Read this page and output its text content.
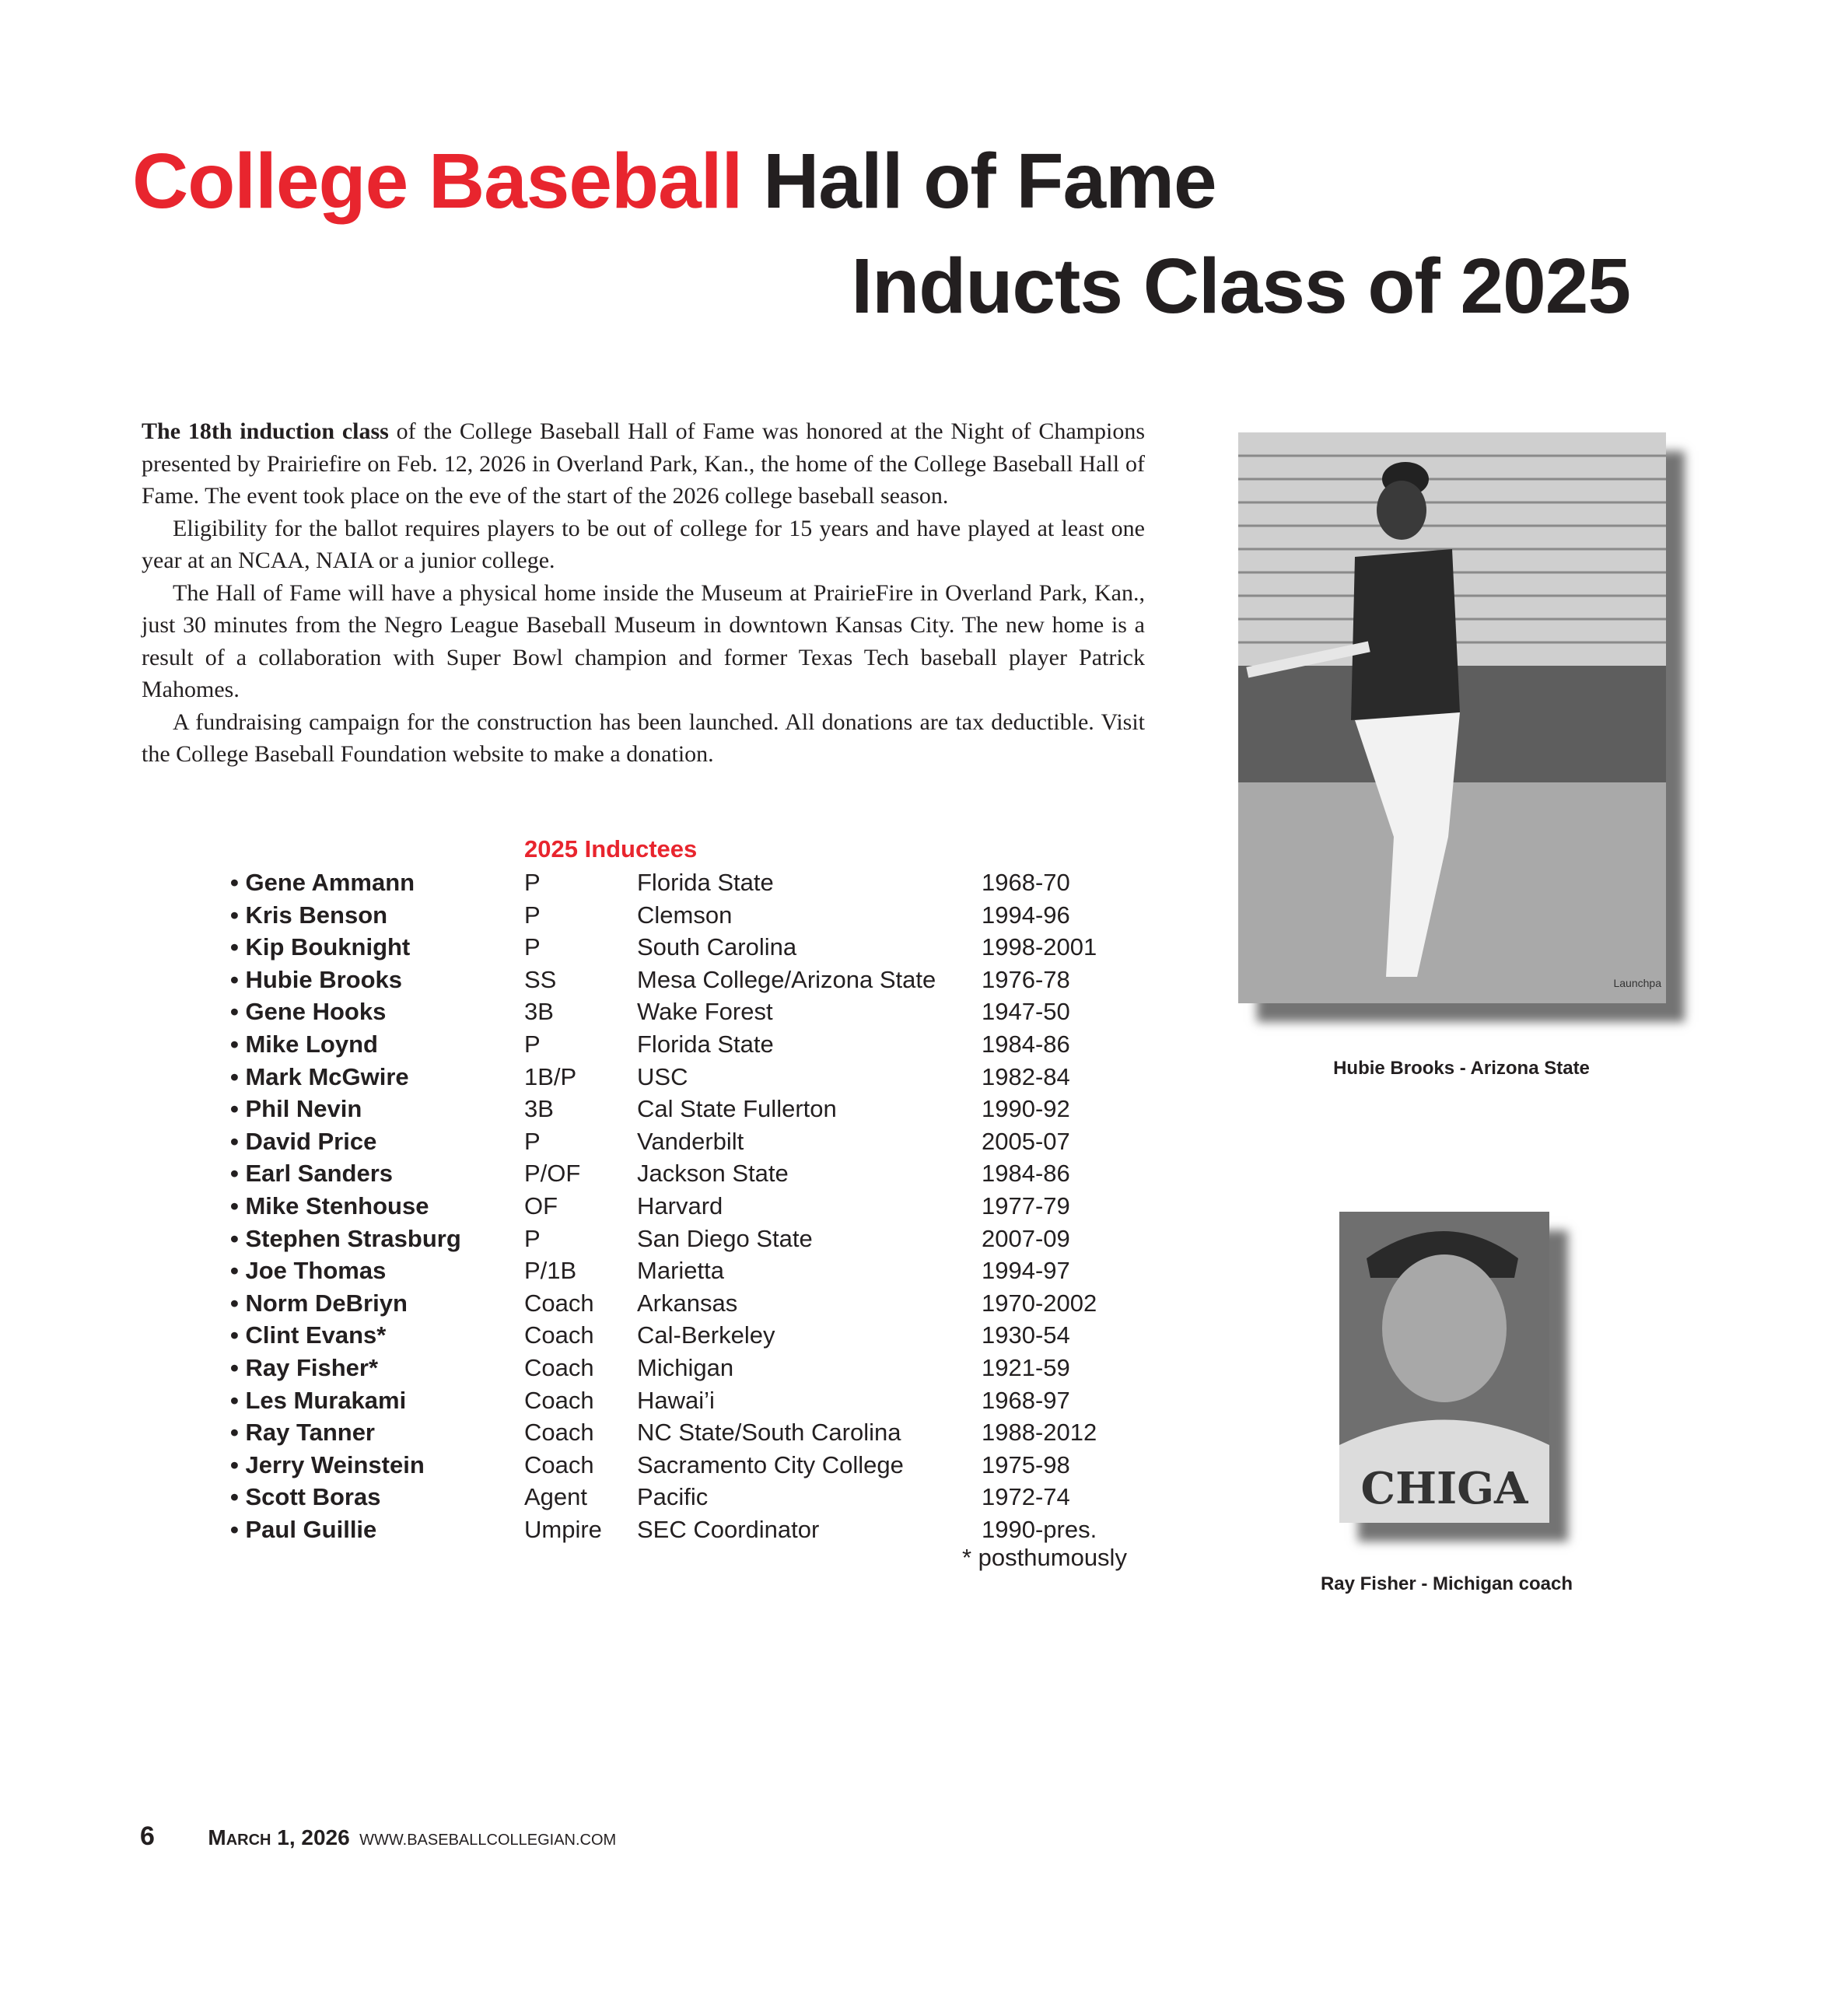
College Baseball Hall of Fame
Inducts Class of 2025

The 18th induction class of the College Baseball Hall of Fame was honored at the Night of Champions presented by Prairiefire on Feb. 12, 2026 in Overland Park, Kan., the home of the College Baseball Hall of Fame. The event took place on the eve of the start of the 2026 college baseball season.

Eligibility for the ballot requires players to be out of college for 15 years and have played at least one year at an NCAA, NAIA or a junior college.

The Hall of Fame will have a physical home inside the Museum at PrairieFire in Overland Park, Kan., just 30 minutes from the Negro League Baseball Museum in downtown Kansas City. The new home is a result of a collaboration with Super Bowl champion and former Texas Tech baseball player Patrick Mahomes.

A fundraising campaign for the construction has been launched. All donations are tax deductible. Visit the College Baseball Foundation website to make a donation.

2025 Inductees
• Gene Ammann	P	Florida State	1968-70
• Kris Benson	P	Clemson	1994-96
• Kip Bouknight	P	South Carolina	1998-2001
• Hubie Brooks	SS	Mesa College/Arizona State 1976-78
• Gene Hooks	3B	Wake Forest	1947-50
• Mike Loynd	P	Florida State	1984-86
• Mark McGwire	1B/P	USC	1982-84
• Phil Nevin	3B	Cal State Fullerton	1990-92
• David Price	P	Vanderbilt	2005-07
• Earl Sanders	P/OF Jackson State	1984-86
• Mike Stenhouse	OF	Harvard	1977-79
• Stephen Strasburg	P	San Diego State	2007-09
• Joe Thomas	P/1B	Marietta	1994-97
• Norm DeBriyn	Coach Arkansas	1970-2002
• Clint Evans*	Coach Cal-Berkeley	1930-54
• Ray Fisher*	Coach Michigan	1921-59
• Les Murakami	Coach Hawai’i	1968-97
• Ray Tanner	Coach NC State/South Carolina	1988-2012
• Jerry Weinstein	Coach Sacramento City College	1975-98
• Scott Boras	Agent Pacific	1972-74
• Paul Guillie	Umpire SEC Coordinator	1990-pres.
* posthumously
Launchpa

Hubie Brooks - Arizona State

CHIGA

Ray Fisher - Michigan coach

6 March 1, 2026 WWW.BASEBALLCOLLEGIAN.COM
